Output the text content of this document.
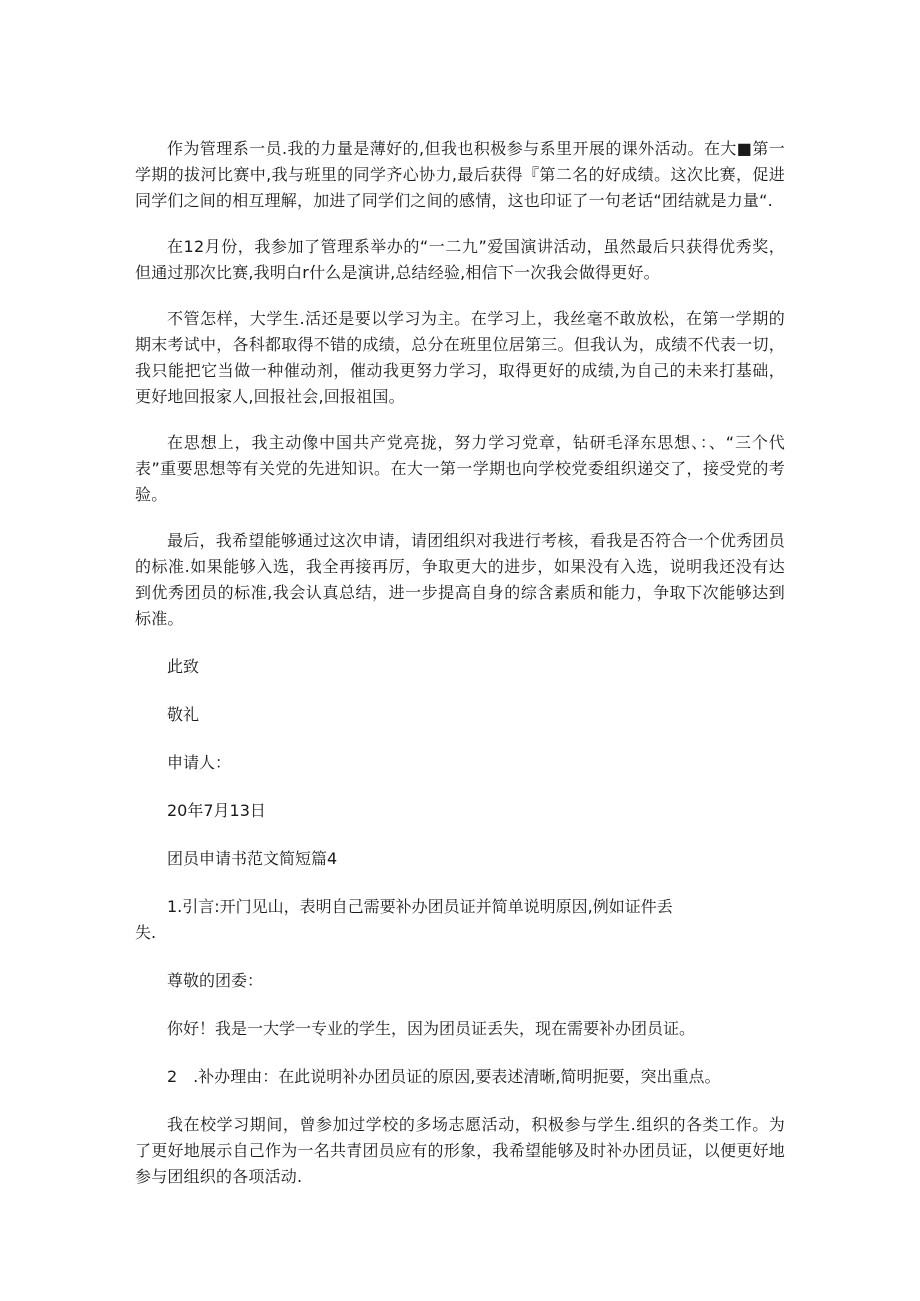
作为管理系一员.我的力量是薄好的,但我也积极参与系里开展的课外活动。在大■第一学期的拔河比赛中,我与班里的同学齐心协力,最后获得『第二名的好成绩。这次比赛，促进同学们之间的相互理解，加进了同学们之间的感情，这也印证了一句老话“团结就是力量“.

在12月份，我参加了管理系举办的“一二九”爱国演讲活动，虽然最后只获得优秀奖，但通过那次比赛,我明白r什么是演讲,总结经验,相信下一次我会做得更好。

不管怎样，大学生.活还是要以学习为主。在学习上，我丝毫不敢放松，在第一学期的期末考试中，各科都取得不错的成绩，总分在班里位居第三。但我认为，成绩不代表一切，我只能把它当做一种催动剂，催动我更努力学习，取得更好的成绩,为自己的未来打基础，更好地回报家人,回报社会,回报祖国。

在思想上，我主动像中国共产党亮拢，努力学习党章，钻研毛泽东思想、：、“三个代表”重要思想等有关党的先进知识。在大一第一学期也向学校党委组织递交了，接受党的考验。

最后，我希望能够通过这次申请，请团组织对我进行考核，看我是否符合一个优秀团员的标准.如果能够入选，我全再接再厉，争取更大的进步，如果没有入选，说明我还没有达到优秀团员的标准,我会认真总结，进一步提高自身的综含素质和能力，争取下次能够达到标准。

此致

敬礼

申请人：

20年7月13日

团员申请书范文简短篇4

1.引言:开门见山，表明自己需要补办团员证并简单说明原因,例如证件丢

失.

尊敬的团委：

你好！我是一大学一专业的学生，因为团员证丢失，现在需要补办团员证。

2　.补办理由：在此说明补办团员证的原因,要表述清晰,简明扼要，突出重点。

我在校学习期间，曾参加过学校的多场志愿活动，积极参与学生.组织的各类工作。为了更好地展示自己作为一名共青团员应有的形象，我希望能够及时补办团员证，以便更好地参与团组织的各项活动.
